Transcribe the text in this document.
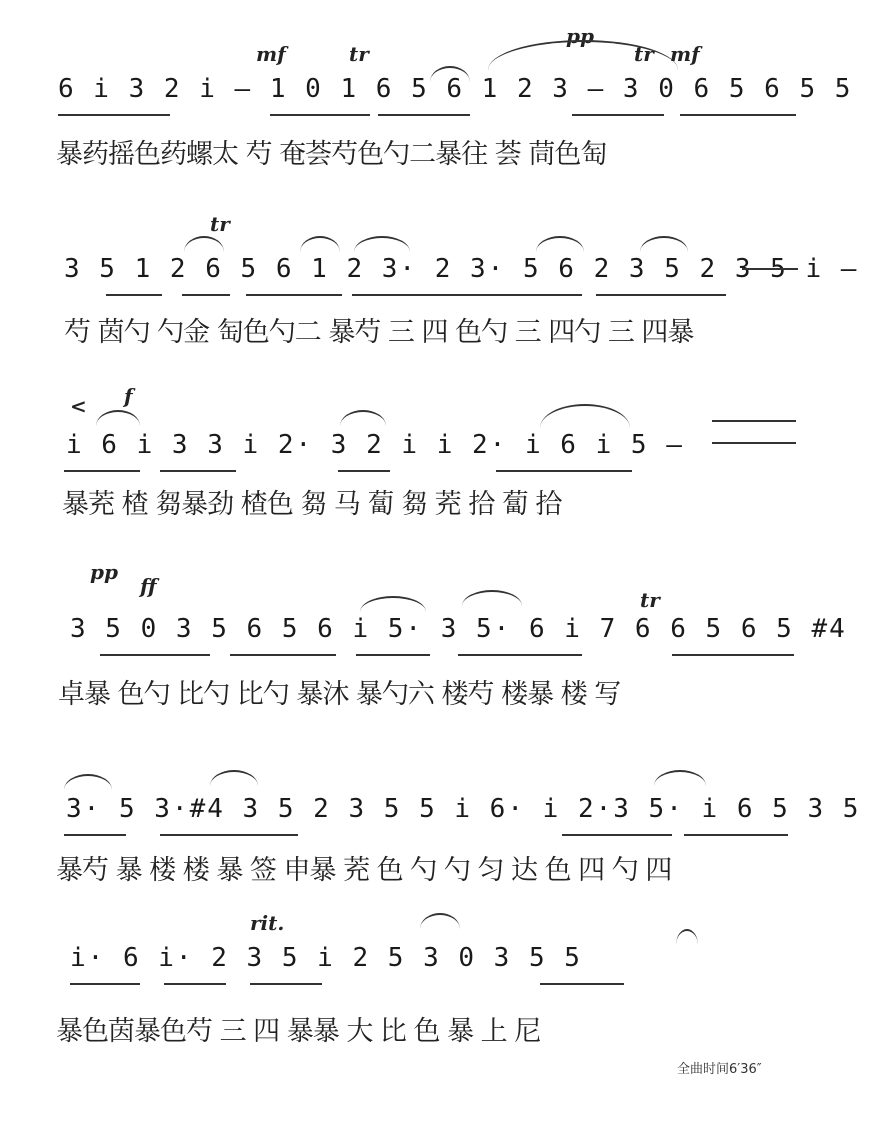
mf	tr
pp
tr mf
6 i 3 2 i — 1 0 1 6 5 6 1 2 3 — 3 0 6 5 6 5 5
暴药摇色药螺太 芍 奄荟芍色勺二暴往 荟 茼色匋
tr
3 5 1 2 6 5 6 1 2 3· 2 3· 5 6 2 3 5 2 3 5 i —
芍 茵勺 勺金 匋色勺二 暴芍 三 四 色勺 三 四勺 三 四暴
< f
i 6 i 3 3 i 2· 3 2 i i 2· i 6 i 5 —
暴茺 楂 芻暴劲 楂色 芻 马 蔔 芻 茺 拾 蔔 拾
pp
ff
tr
3 5 0 3 5 6 5 6 i 5· 3 5· 6 i 7 6 6 5 6 5 #4
卓暴 色勺 比勺 比勺 暴沐 暴勺六 楼芍 楼暴 楼 写
3· 5 3·#4 3 5 2 3 5 5 i 6· i 2·3 5· i 6 5 3 5
暴芍 暴 楼 楼 暴 签 申暴 茺 色 勺 勺 匀 达 色 四 勺 四
rit.
i· 6 i· 2 3 5 i 2 5 3 0 3 5 5
暴色茵暴色芍 三 四 暴暴 大 比 色 暴 上 尼
全曲时间6′36″
